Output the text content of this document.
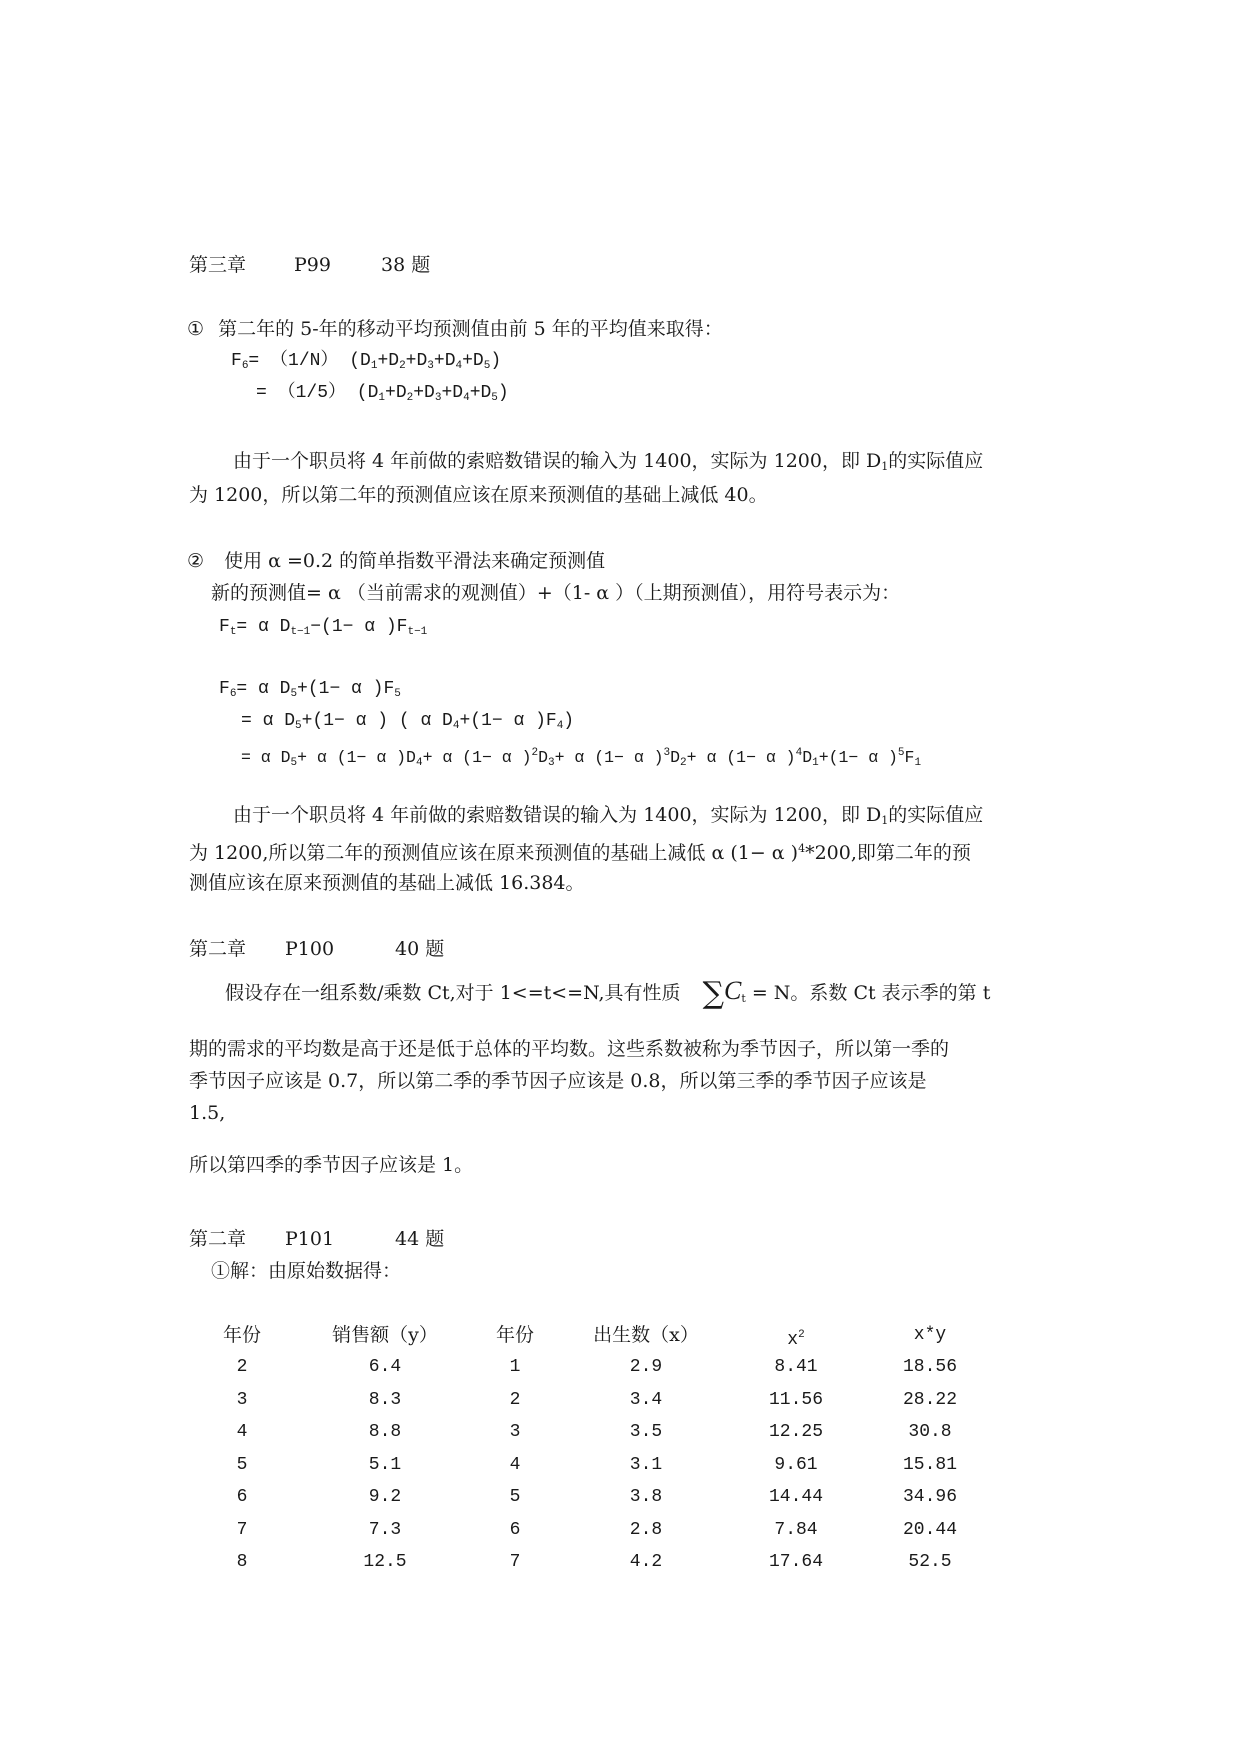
第三章	P99	38 题
① 第二年的 5-年的移动平均预测值由前 5 年的平均值来取得：
$F_6= (1/N)$ $(D_1+D_2+D_3+D_4+D_5)$
= （1/5） $(D_1+D_2+D_3+D_4+D_5)$
由于一个职员将 4 年前做的索赔数错误的输入为 1400，实际为 1200，即 $D_1$的实际值应
为 1200，所以第二年的预测值应该在原来预测值的基础上减低 40。
② 使用 α =0.2 的简单指数平滑法来确定预测值
新的预测值= α （当前需求的观测值）+（1- α ）（上期预测值），用符号表示为：
$F_t= \alpha$ $D_{t-1}-(1- \alpha$ )$F_{t-1}$
$F_6= \alpha$ $D_5+(1- \alpha$ )$F_5$
= α $D_5+(1- \alpha$ ) ( α $D_4+(1- \alpha$ )$F_4$)
= α $D_5+ \alpha$ (1− α )$D_4+ \alpha$ (1− α )$^2D_3+ \alpha$ (1− α )$^3D_2+ \alpha$ (1− α )$^4D_1+(1- \alpha$ )$^5F_1$
由于一个职员将 4 年前做的索赔数错误的输入为 1400，实际为 1200，即 $D_1$的实际值应
为 1200,所以第二年的预测值应该在原来预测值的基础上减低 α (1− α )$^4$*200,即第二年的预
测值应该在原来预测值的基础上减低 16.384。
第二章 P100	40 题
假设存在一组系数/乘数 Ct,对于 1<=t<=N,具有性质 $\sum C_t = N$。系数 Ct 表示季的第 t
期的需求的平均数是高于还是低于总体的平均数。这些系数被称为季节因子，所以第一季的
季节因子应该是 0.7，所以第二季的季节因子应该是 0.8，所以第三季的季节因子应该是
1.5,
所以第四季的季节因子应该是 1。
第二章 P101	44 题
①解：由原始数据得：
年份	销售额（y）	年份	出生数（x）	$x^2$	x*y
2	6.4	1	2.9	8.41	18.56
3	8.3	2	3.4	11.56	28.22
4	8.8	3	3.5	12.25	30.8
5	5.1	4	3.1	9.61	15.81
6	9.2	5	3.8	14.44	34.96
7	7.3	6	2.8	7.84	20.44
8	12.5	7	4.2	17.64	52.5
